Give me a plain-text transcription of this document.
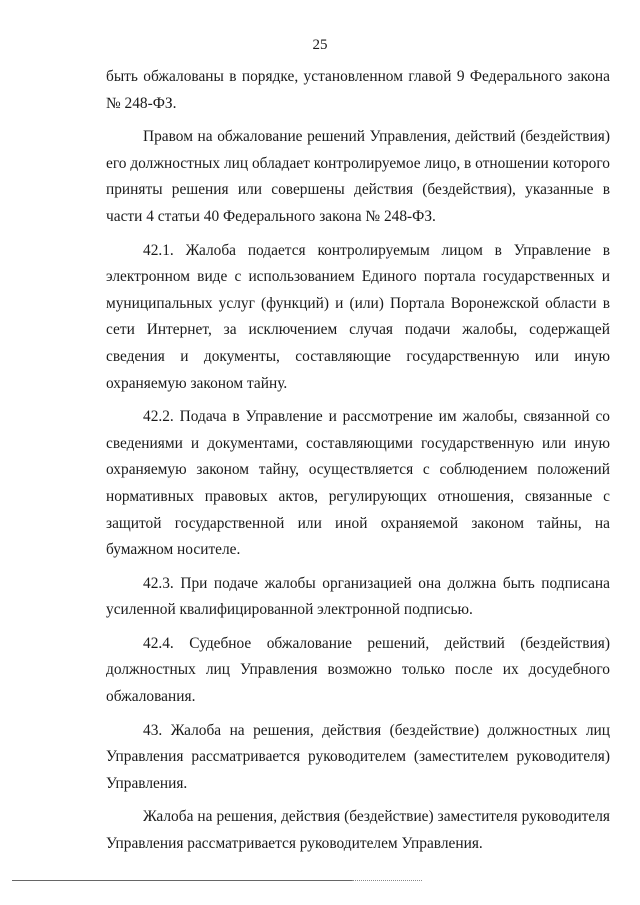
25

быть обжалованы в порядке, установленном главой 9 Федерального закона № 248-ФЗ.

Правом на обжалование решений Управления, действий (бездействия) его должностных лиц обладает контролируемое лицо, в отношении которого приняты решения или совершены действия (бездействия), указанные в части 4 статьи 40 Федерального закона № 248-ФЗ.

42.1. Жалоба подается контролируемым лицом в Управление в электронном виде с использованием Единого портала государственных и муниципальных услуг (функций) и (или) Портала Воронежской области в сети Интернет, за исключением случая подачи жалобы, содержащей сведения и документы, составляющие государственную или иную охраняемую законом тайну.

42.2. Подача в Управление и рассмотрение им жалобы, связанной со сведениями и документами, составляющими государственную или иную охраняемую законом тайну, осуществляется с соблюдением положений нормативных правовых актов, регулирующих отношения, связанные с защитой государственной или иной охраняемой законом тайны, на бумажном носителе.

42.3. При подаче жалобы организацией она должна быть подписана усиленной квалифицированной электронной подписью.

42.4. Судебное обжалование решений, действий (бездействия) должностных лиц Управления возможно только после их досудебного обжалования.

43. Жалоба на решения, действия (бездействие) должностных лиц Управления рассматривается руководителем (заместителем руководителя) Управления.

Жалоба на решения, действия (бездействие) заместителя руководителя Управления рассматривается руководителем Управления.
